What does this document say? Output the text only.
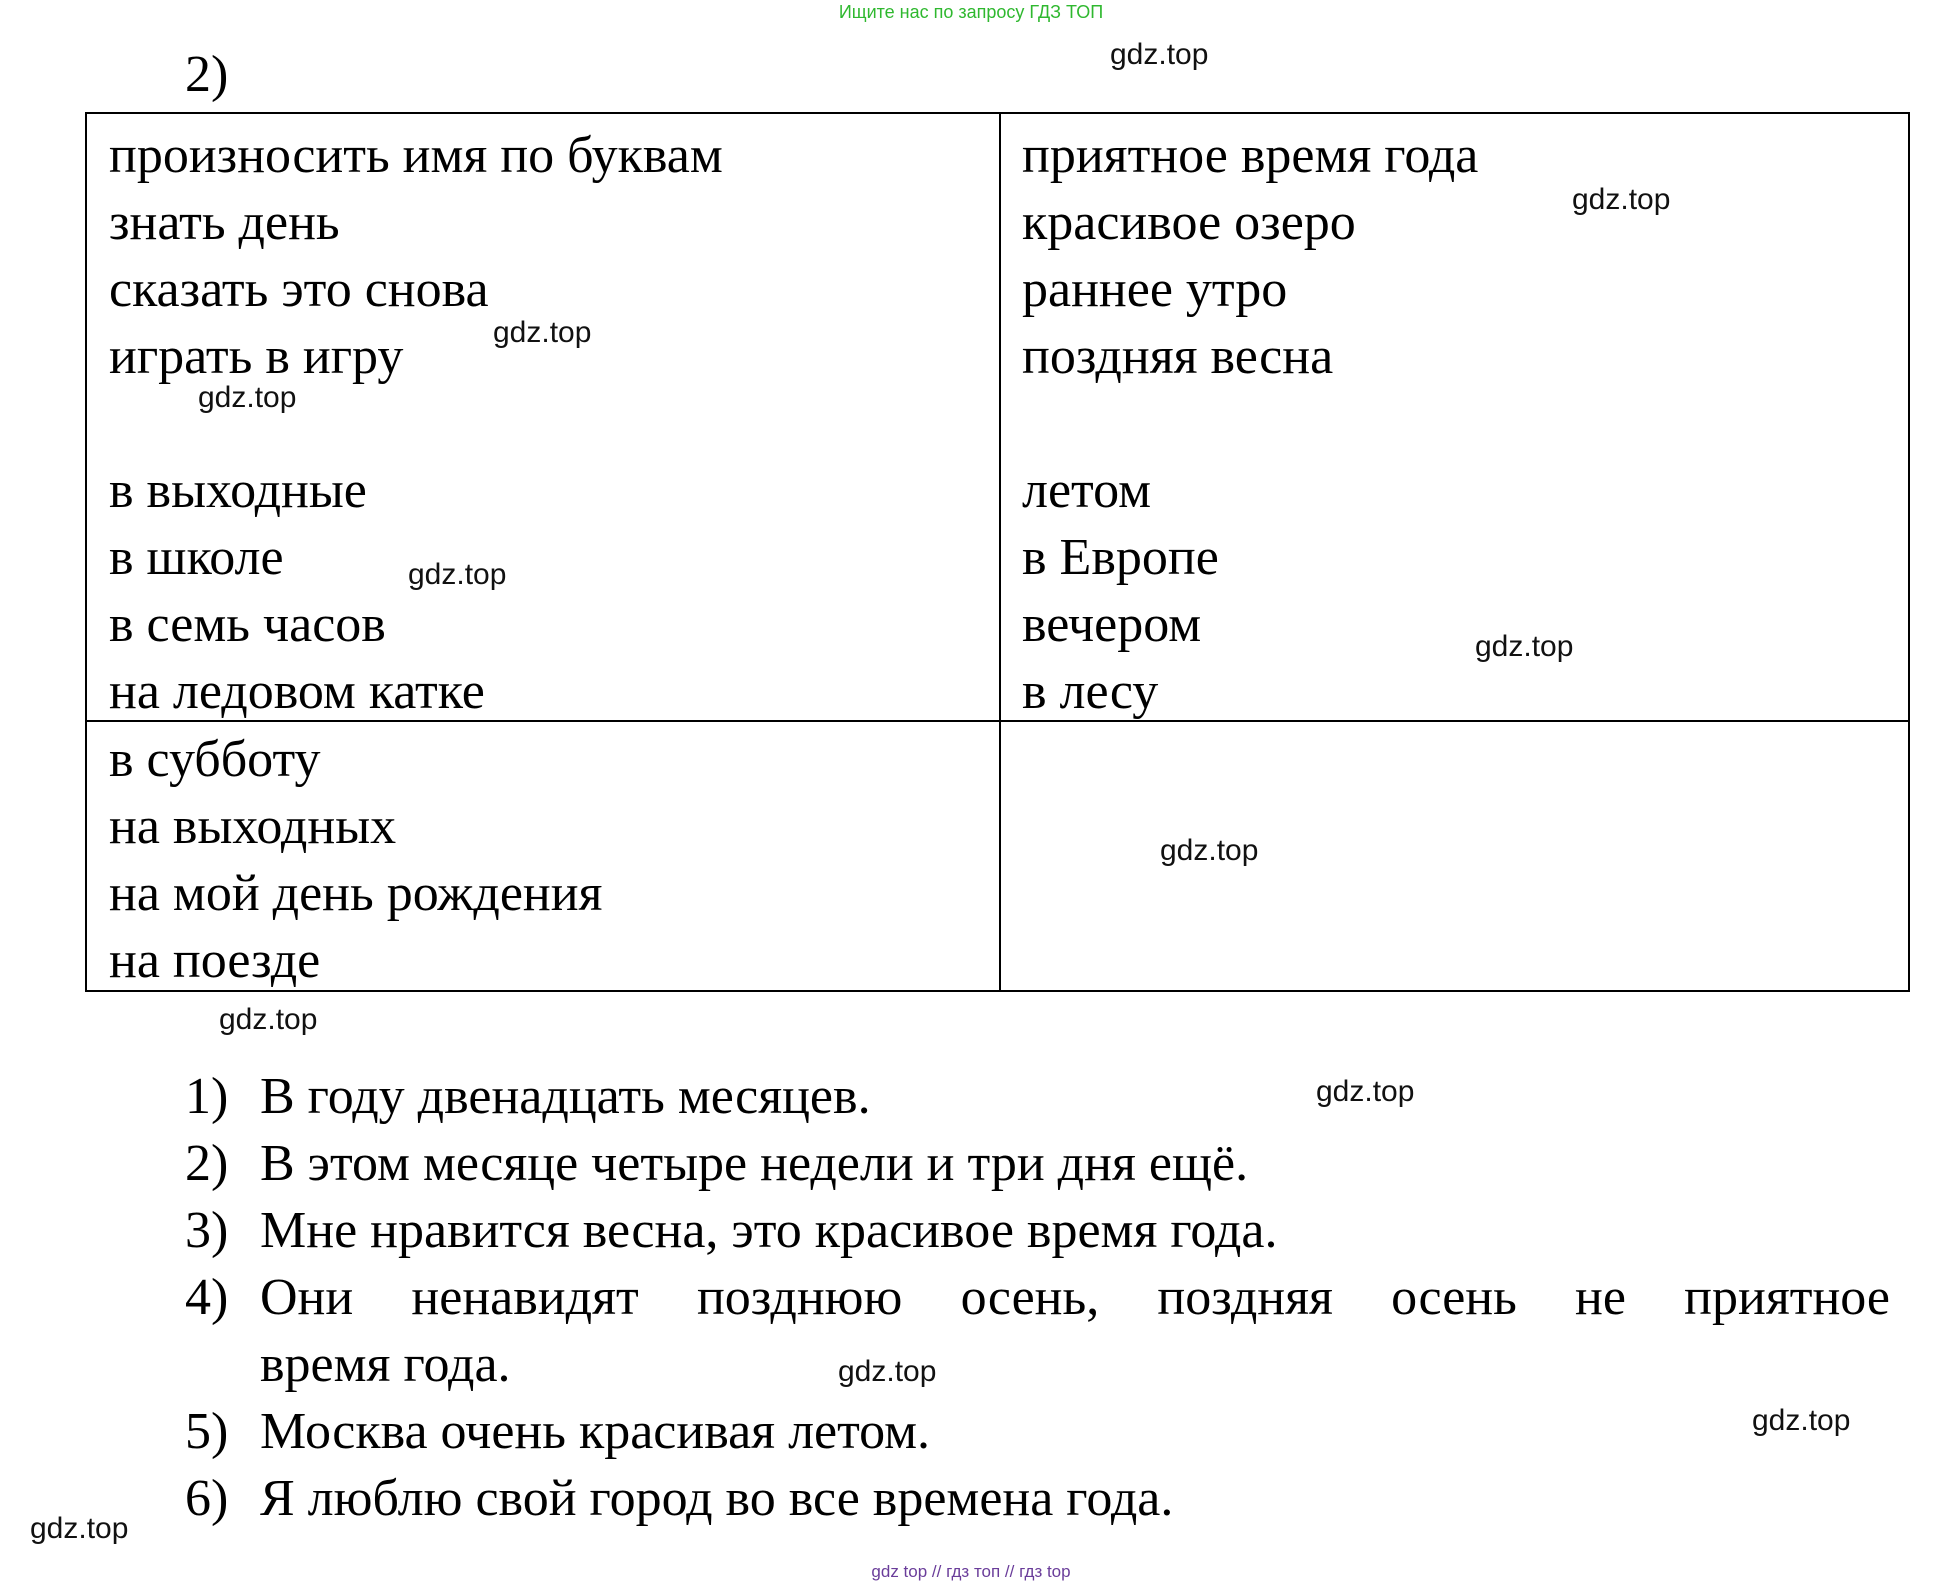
Ищите нас по запросу ГДЗ ТОП
2)
произносить имя по буквам
знать день
сказать это снова
играть в игру
в выходные
в школе
в семь часов
на ледовом катке
приятное время года
красивое озеро
раннее утро
поздняя весна
летом
в Европе
вечером
в лесу
в субботу
на выходных
на мой день рождения
на поезде
1) В году двенадцать месяцев.
2) В этом месяце четыре недели и три дня ещё.
3) Мне нравится весна, это красивое время года.
4) Они ненавидят позднюю осень, поздняя осень не приятное
время года.
5) Москва очень красивая летом.
6) Я люблю свой город во все времена года.
gdz.top
gdz.top
gdz.top
gdz.top
gdz.top
gdz.top
gdz.top
gdz.top
gdz.top
gdz.top
gdz.top
gdz.top
gdz top // гдз топ // гдз top
